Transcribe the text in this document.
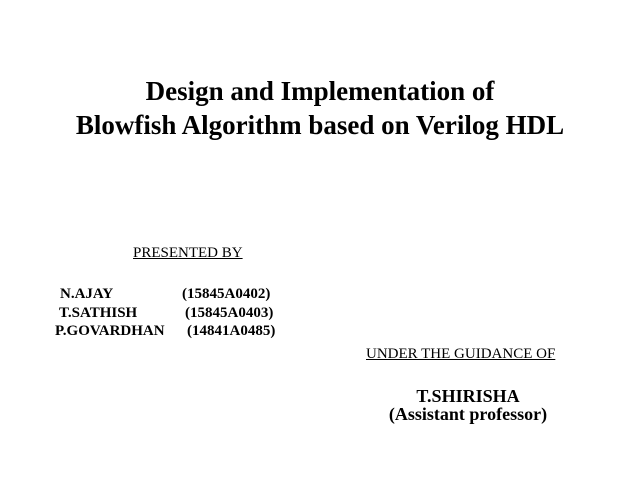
Design and Implementation of
Blowfish Algorithm based on Verilog HDL
PRESENTED BY
N.AJAY	(15845A0402)
T.SATHISH	(15845A0403)
P.GOVARDHAN (14841A0485)
UNDER THE GUIDANCE OF
T.SHIRISHA
(Assistant professor)
